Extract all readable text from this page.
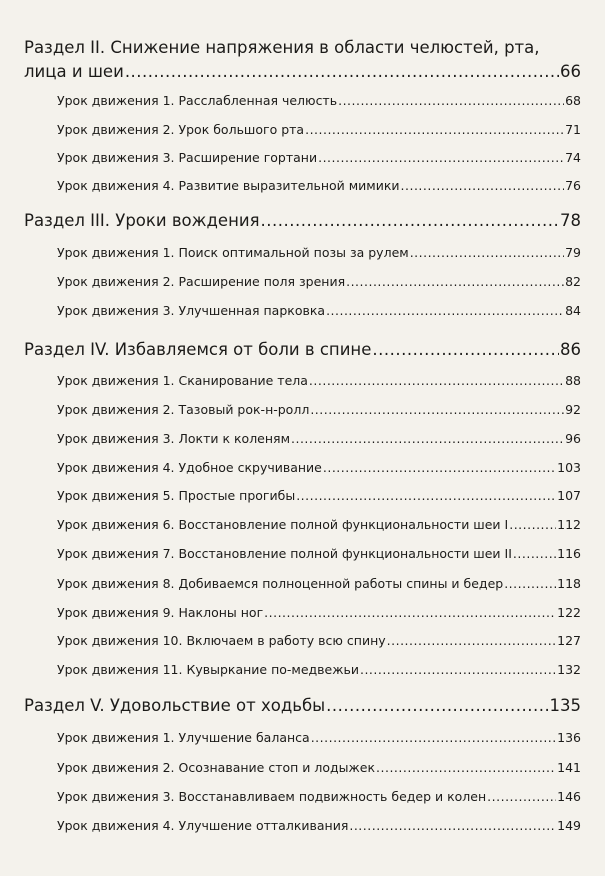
Раздел II. Снижение напряжения в области челюстей, рта,
лица и шеи .....	66
Урок движения 1. Расслабленная челюсть .....	68
Урок движения 2. Урок большого рта .....	71
Урок движения 3. Расширение гортани .....	74
Урок движения 4. Развитие выразительной мимики .....	76
Раздел III. Уроки вождения .....	78
Урок движения 1. Поиск оптимальной позы за рулем .....	79
Урок движения 2. Расширение поля зрения .....	82
Урок движения 3. Улучшенная парковка .....	84
Раздел IV. Избавляемся от боли в спине .....	86
Урок движения 1. Сканирование тела .....	88
Урок движения 2. Тазовый рок-н-ролл .....	92
Урок движения 3. Локти к коленям .....	96
Урок движения 4. Удобное скручивание .....	103
Урок движения 5. Простые прогибы .....	107
Урок движения 6. Восстановление полной функциональности шеи I .....	112
Урок движения 7. Восстановление полной функциональности шеи II .....	116
Урок движения 8. Добиваемся полноценной работы спины и бедер .....	118
Урок движения 9. Наклоны ног .....	122
Урок движения 10. Включаем в работу всю спину .....	127
Урок движения 11. Кувыркание по-медвежьи .....	132
Раздел V. Удовольствие от ходьбы .....	135
Урок движения 1. Улучшение баланса .....	136
Урок движения 2. Осознавание стоп и лодыжек .....	141
Урок движения 3. Восстанавливаем подвижность бедер и колен .....	146
Урок движения 4. Улучшение отталкивания .....	149
